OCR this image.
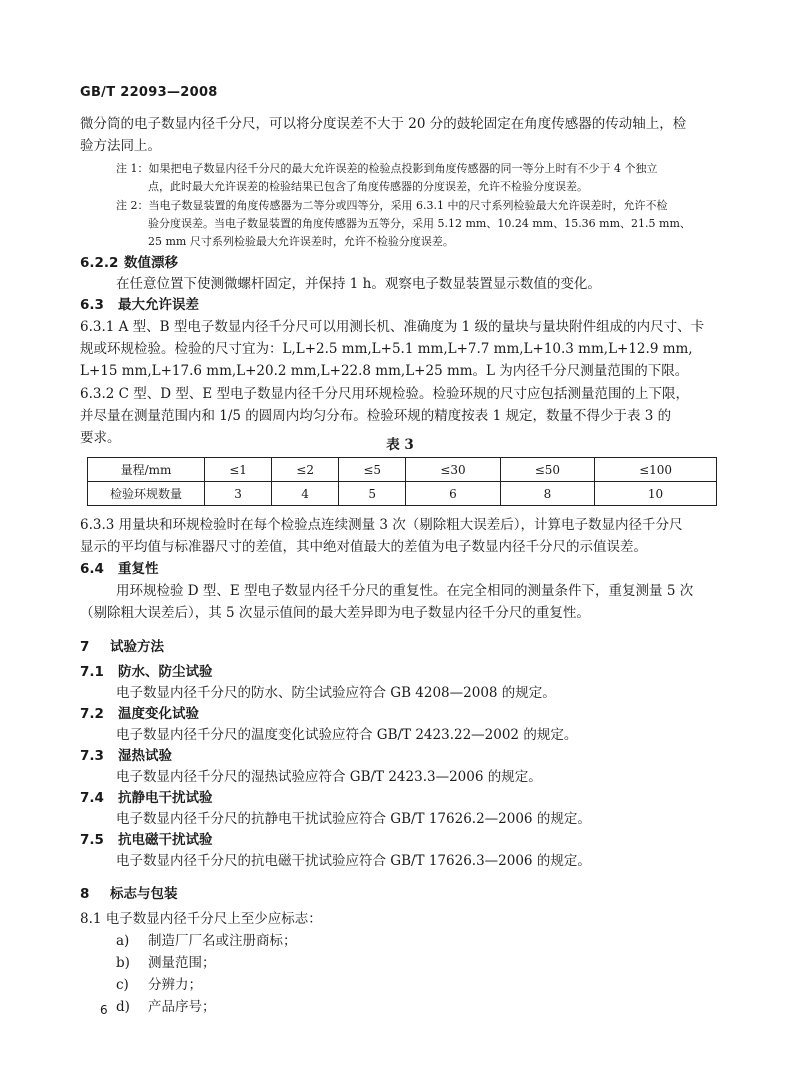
GB/T 22093—2008
微分筒的电子数显内径千分尺，可以将分度误差不大于 20 分的鼓轮固定在角度传感器的传动轴上，检
验方法同上。
注 1：如果把电子数显内径千分尺的最大允许误差的检验点投影到角度传感器的同一等分上时有不少于 4 个独立
点，此时最大允许误差的检验结果已包含了角度传感器的分度误差，允许不检验分度误差。
注 2：当电子数显装置的角度传感器为二等分或四等分，采用 6.3.1 中的尺寸系列检验最大允许误差时，允许不检
验分度误差。当电子数显装置的角度传感器为五等分，采用 5.12 mm、10.24 mm、15.36 mm、21.5 mm、
25 mm 尺寸系列检验最大允许误差时，允许不检验分度误差。
6.2.2 数值漂移
在任意位置下使测微螺杆固定，并保持 1 h。观察电子数显装置显示数值的变化。
6.3 最大允许误差
6.3.1 A 型、B 型电子数显内径千分尺可以用测长机、准确度为 1 级的量块与量块附件组成的内尺寸、卡
规或环规检验。检验的尺寸宜为：L,L+2.5 mm,L+5.1 mm,L+7.7 mm,L+10.3 mm,L+12.9 mm,
L+15 mm,L+17.6 mm,L+20.2 mm,L+22.8 mm,L+25 mm。L 为内径千分尺测量范围的下限。
6.3.2 C 型、D 型、E 型电子数显内径千分尺用环规检验。检验环规的尺寸应包括测量范围的上下限，
并尽量在测量范围内和 1/5 的圆周内均匀分布。检验环规的精度按表 1 规定，数量不得少于表 3 的
要求。	表 3
量程/mm	≤1	≤2	≤5	≤30	≤50	≤100
检验环规数量	3	4	5	6	8	10
6.3.3 用量块和环规检验时在每个检验点连续测量 3 次（剔除粗大误差后），计算电子数显内径千分尺
显示的平均值与标准器尺寸的差值，其中绝对值最大的差值为电子数显内径千分尺的示值误差。
6.4 重复性
用环规检验 D 型、E 型电子数显内径千分尺的重复性。在完全相同的测量条件下，重复测量 5 次
（剔除粗大误差后），其 5 次显示值间的最大差异即为电子数显内径千分尺的重复性。
7 试验方法
7.1 防水、防尘试验
电子数显内径千分尺的防水、防尘试验应符合 GB 4208—2008 的规定。
7.2 温度变化试验
电子数显内径千分尺的温度变化试验应符合 GB/T 2423.22—2002 的规定。
7.3 湿热试验
电子数显内径千分尺的湿热试验应符合 GB/T 2423.3—2006 的规定。
7.4 抗静电干扰试验
电子数显内径千分尺的抗静电干扰试验应符合 GB/T 17626.2—2006 的规定。
7.5 抗电磁干扰试验
电子数显内径千分尺的抗电磁干扰试验应符合 GB/T 17626.3—2006 的规定。
8 标志与包装
8.1 电子数显内径千分尺上至少应标志：
a) 制造厂厂名或注册商标；
b) 测量范围；
c) 分辨力；
d) 产品序号；
6
